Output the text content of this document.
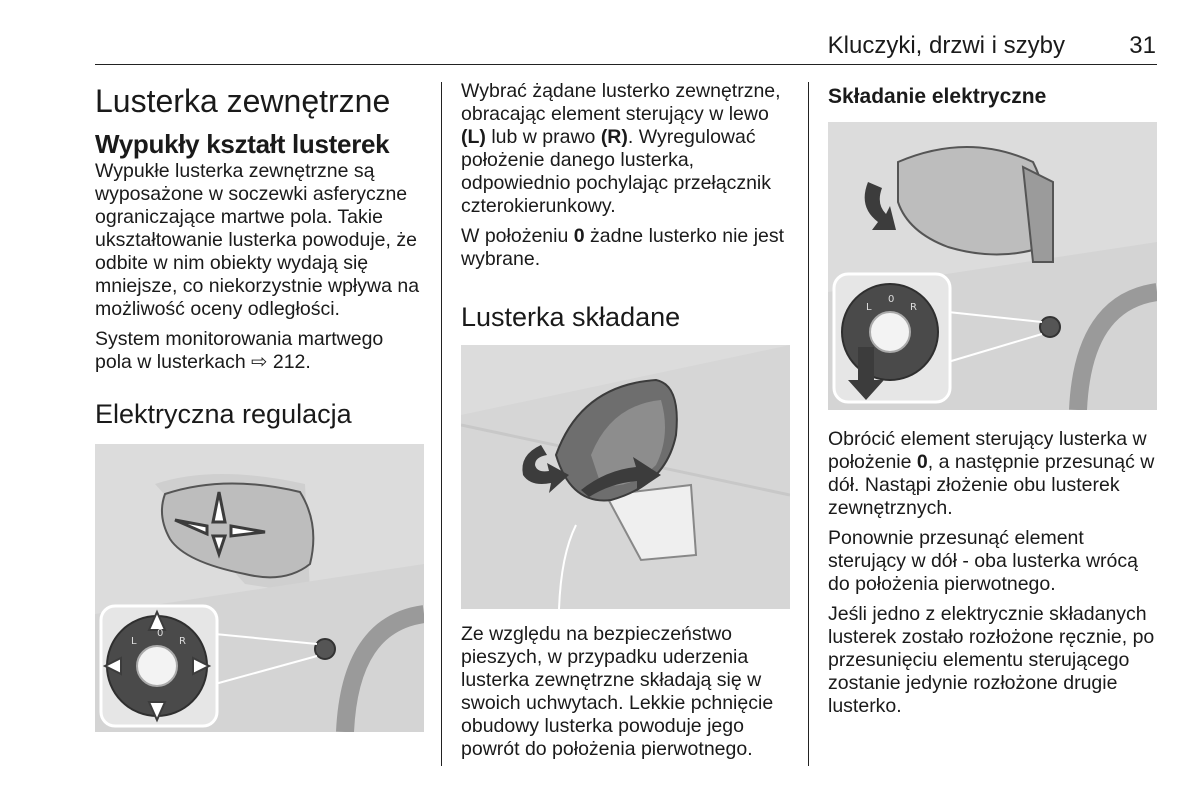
Kluczyki, drzwi i szyby	31
Lusterka zewnętrzne
Wypukły kształt lusterek

Wypukłe lusterka zewnętrzne są wyposażone w soczewki asferyczne ograniczające martwe pola. Takie ukształtowanie lusterka powoduje, że odbite w nim obiekty wydają się mniejsze, co niekorzystnie wpływa na możliwość oceny odległości.

System monitorowania martwego pola w lusterkach ⇨ 212.

Elektryczna regulacja
L
0
R

Wybrać żądane lusterko zewnętrzne, obracając element sterujący w lewo (L) lub w prawo (R). Wyregulować położenie danego lusterka, odpowiednio pochylając przełącznik czterokierunkowy.

W położeniu 0 żadne lusterko nie jest wybrane.

Lusterka składane

Ze względu na bezpieczeństwo pieszych, w przypadku uderzenia lusterka zewnętrzne składają się w swoich uchwytach. Lekkie pchnięcie obudowy lusterka powoduje jego powrót do położenia pierwotnego.

Składanie elektryczne
L
0
R

Obrócić element sterujący lusterka w położenie 0, a następnie przesunąć w dół. Nastąpi złożenie obu lusterek zewnętrznych.

Ponownie przesunąć element sterujący w dół - oba lusterka wrócą do położenia pierwotnego.

Jeśli jedno z elektrycznie składanych lusterek zostało rozłożone ręcznie, po przesunięciu elementu sterującego zostanie jedynie rozłożone drugie lusterko.
